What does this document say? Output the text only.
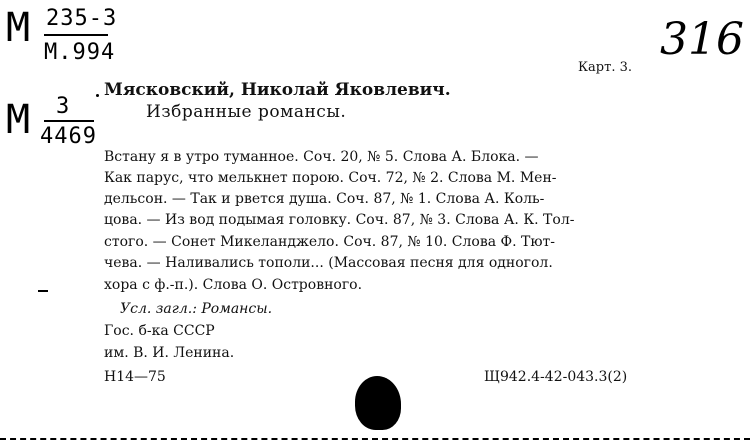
М 235-3
М.994	316
М 3
4469
Карт. 3.
Мясковский, Николай Яковлевич.
Избранные романсы.
Встану я в утро туманное. Соч. 20, № 5. Слова А. Блока. —
Как парус, что мелькнет порою. Соч. 72, № 2. Слова М. Мен-
дельсон. — Так и рвется душа. Соч. 87, № 1. Слова А. Коль-
цова. — Из вод подымая головку. Соч. 87, № 3. Слова А. К. Тол-
стого. — Сонет Микеланджело. Соч. 87, № 10. Слова Ф. Тют-
чева. — Наливались тополи... (Массовая песня для одногол.
хора с ф.-п.). Слова О. Островного.
Усл. загл.: Романсы.
Гос. б-ка СССР
им. В. И. Ленина.
Н14—75	Щ942.4-42-043.3(2)
